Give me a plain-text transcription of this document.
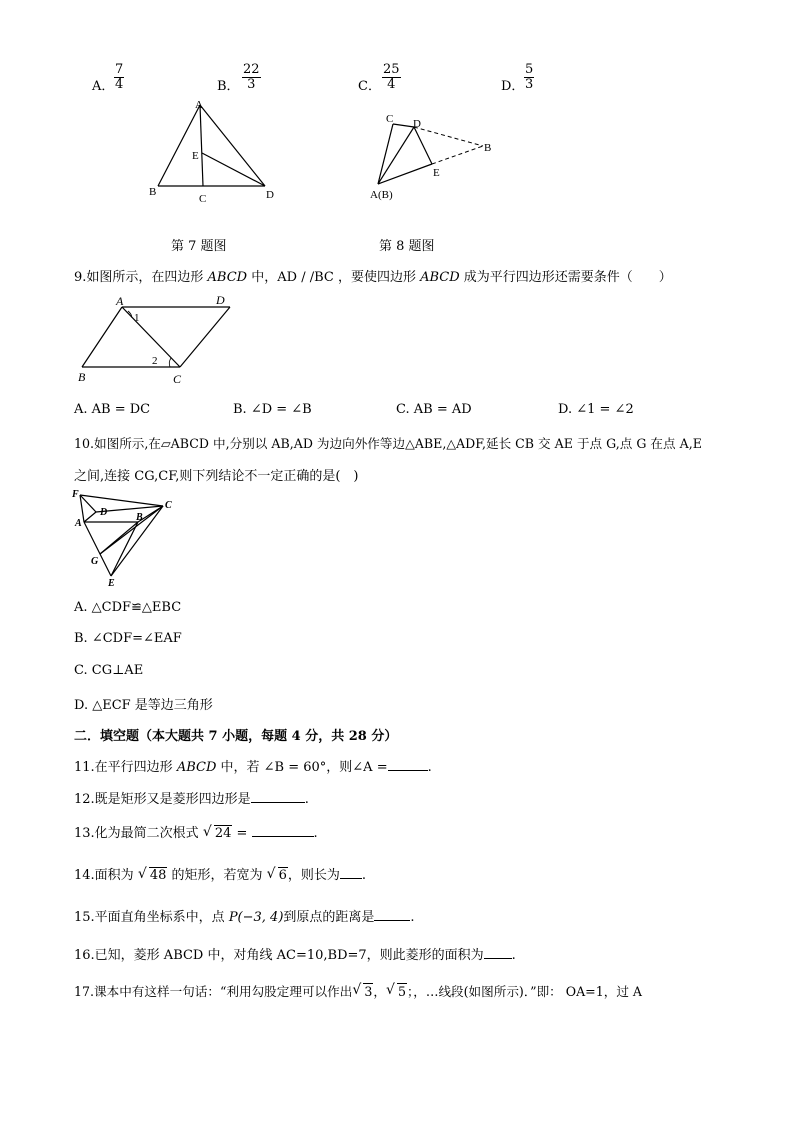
A． $\frac{7}{4}$	B． $\frac{22}{3}$	C． $\frac{25}{4}$	D． $\frac{5}{3}$
A
B
C	D
E
第 7 题图
C D
B
E
A(B)
第 8 题图
9.如图所示，在四边形 ABCD 中，AD / /BC ，要使四边形 ABCD 成为平行四边形还需要条件（　　）
A	D
B	C
1
2
A. AB = DC	B. ∠D = ∠B	C. AB = AD	D. ∠1 = ∠2
10.如图所示,在▱ABCD 中,分别以 AB,AD 为边向外作等边△ABE,△ADF,延长 CB 交 AE 于点 G,点 G 在点 A,E
之间,连接 CG,CF,则下列结论不一定正确的是(　)
F
C
D	B
A
G
E
A. △CDF≌△EBC
B. ∠CDF=∠EAF
C. CG⊥AE
D. △ECF 是等边三角形
二．填空题（本大题共 7 小题，每题 4 分，共 28 分）
11.在平行四边形 ABCD 中，若 ∠B = 60°，则∠A =	.
12.既是矩形又是菱形四边形是	.
13.化为最简二次根式 √ 24 =	.
14.面积为 √ 48 的矩形，若宽为 √ 6，则长为 .
15.平面直角坐标系中，点 P(−3, 4)到原点的距离是	.
16.已知，菱形 ABCD 中，对角线 AC=10,BD=7，则此菱形的面积为 .
17.课本中有这样一句话：“利用勾股定理可以作出 √ 3， √ 5；，…线段(如图所示)．”即： OA=1，过 A
